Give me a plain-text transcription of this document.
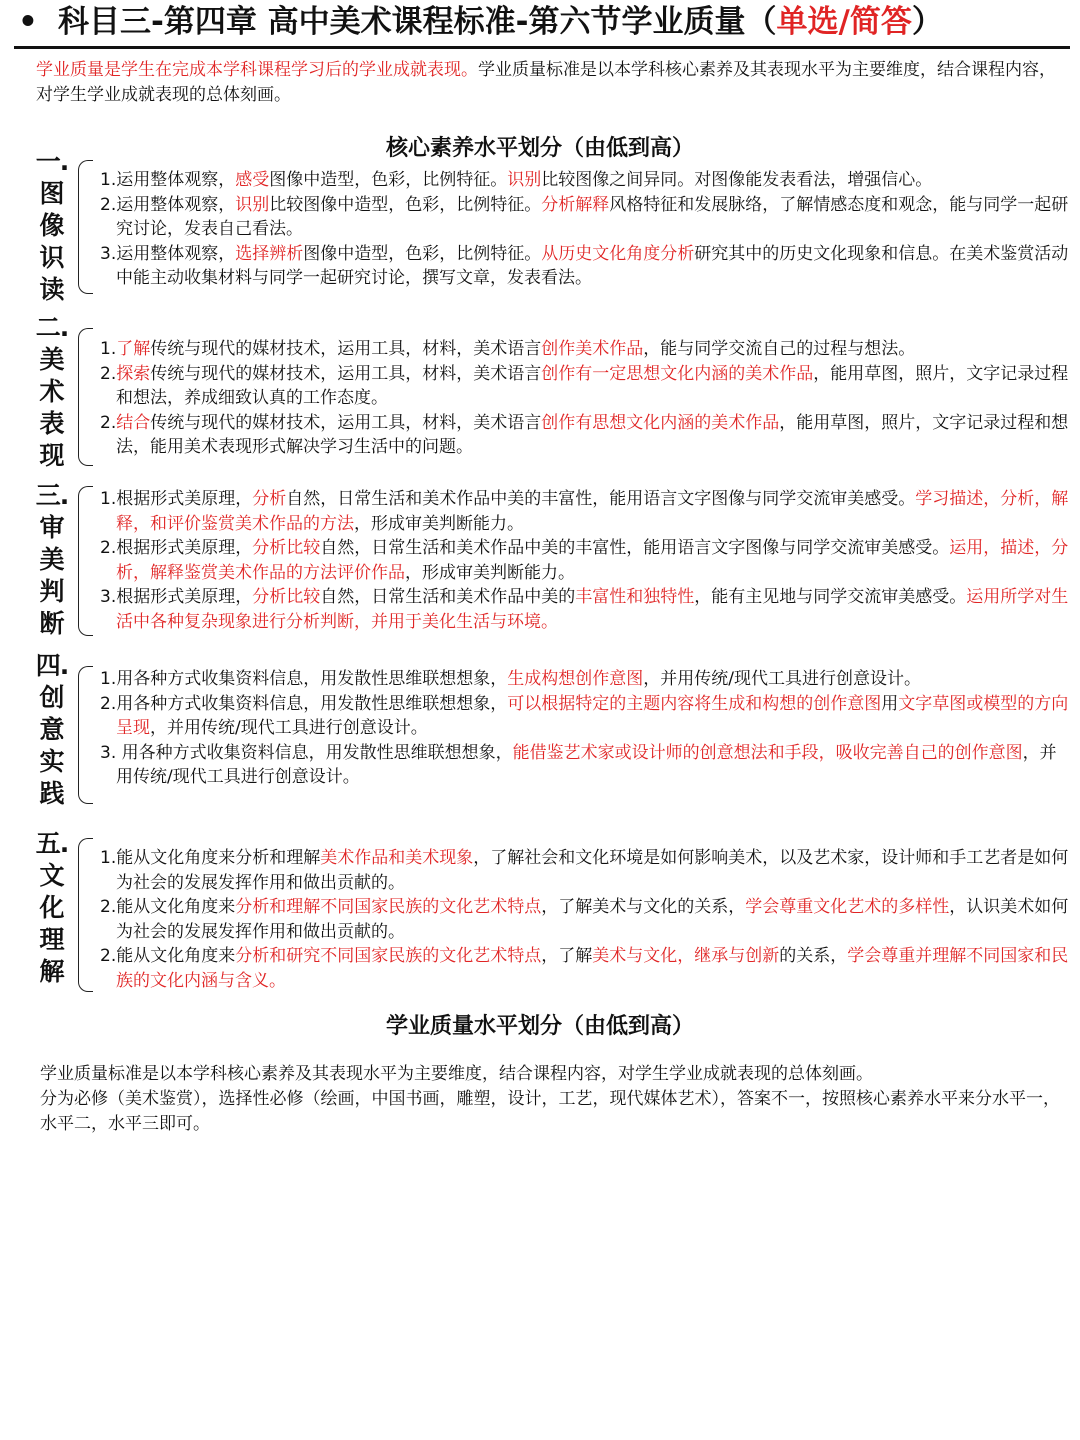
• 科目三-第四章 高中美术课程标准-第六节学业质量（单选/简答）
学业质量是学生在完成本学科课程学习后的学业成就表现。学业质量标准是以本学科核心素养及其表现水平为主要维度，结合课程内容，对学生学业成就表现的总体刻画。
核心素养水平划分（由低到高）
一.
图
像
识
读

1.运用整体观察，感受图像中造型，色彩，比例特征。识别比较图像之间异同。对图像能发表看法，增强信心。

2.运用整体观察，识别比较图像中造型，色彩，比例特征。分析解释风格特征和发展脉络，了解情感态度和观念，能与同学一起研究讨论，发表自己看法。

3.运用整体观察，选择辨析图像中造型，色彩，比例特征。从历史文化角度分析研究其中的历史文化现象和信息。在美术鉴赏活动中能主动收集材料与同学一起研究讨论，撰写文章，发表看法。

二.
美
术
表
现

1.了解传统与现代的媒材技术，运用工具，材料，美术语言创作美术作品，能与同学交流自己的过程与想法。

2.探索传统与现代的媒材技术，运用工具，材料，美术语言创作有一定思想文化内涵的美术作品，能用草图，照片，文字记录过程和想法，养成细致认真的工作态度。

2.结合传统与现代的媒材技术，运用工具，材料，美术语言创作有思想文化内涵的美术作品，能用草图，照片，文字记录过程和想法，能用美术表现形式解决学习生活中的问题。

三.
审
美
判
断

1.根据形式美原理，分析自然，日常生活和美术作品中美的丰富性，能用语言文字图像与同学交流审美感受。学习描述，分析，解释，和评价鉴赏美术作品的方法，形成审美判断能力。

2.根据形式美原理，分析比较自然，日常生活和美术作品中美的丰富性，能用语言文字图像与同学交流审美感受。运用，描述，分析，解释鉴赏美术作品的方法评价作品，形成审美判断能力。

3.根据形式美原理，分析比较自然，日常生活和美术作品中美的丰富性和独特性，能有主见地与同学交流审美感受。运用所学对生活中各种复杂现象进行分析判断，并用于美化生活与环境。

四.
创
意
实
践

1.用各种方式收集资料信息，用发散性思维联想想象，生成构想创作意图，并用传统/现代工具进行创意设计。

2.用各种方式收集资料信息，用发散性思维联想想象，可以根据特定的主题内容将生成和构想的创作意图用文字草图或模型的方向呈现，并用传统/现代工具进行创意设计。

3. 用各种方式收集资料信息，用发散性思维联想想象，能借鉴艺术家或设计师的创意想法和手段，吸收完善自己的创作意图，并用传统/现代工具进行创意设计。

五.
文
化
理
解

1.能从文化角度来分析和理解美术作品和美术现象，了解社会和文化环境是如何影响美术，以及艺术家，设计师和手工艺者是如何为社会的发展发挥作用和做出贡献的。

2.能从文化角度来分析和理解不同国家民族的文化艺术特点，了解美术与文化的关系，学会尊重文化艺术的多样性，认识美术如何为社会的发展发挥作用和做出贡献的。

2.能从文化角度来分析和研究不同国家民族的文化艺术特点，了解美术与文化，继承与创新的关系，学会尊重并理解不同国家和民族的文化内涵与含义。

学业质量水平划分（由低到高）
学业质量标准是以本学科核心素养及其表现水平为主要维度，结合课程内容，对学生学业成就表现的总体刻画。
分为必修（美术鉴赏），选择性必修（绘画，中国书画，雕塑，设计，工艺，现代媒体艺术），答案不一，按照核心素养水平来分水平一，水平二，水平三即可。
